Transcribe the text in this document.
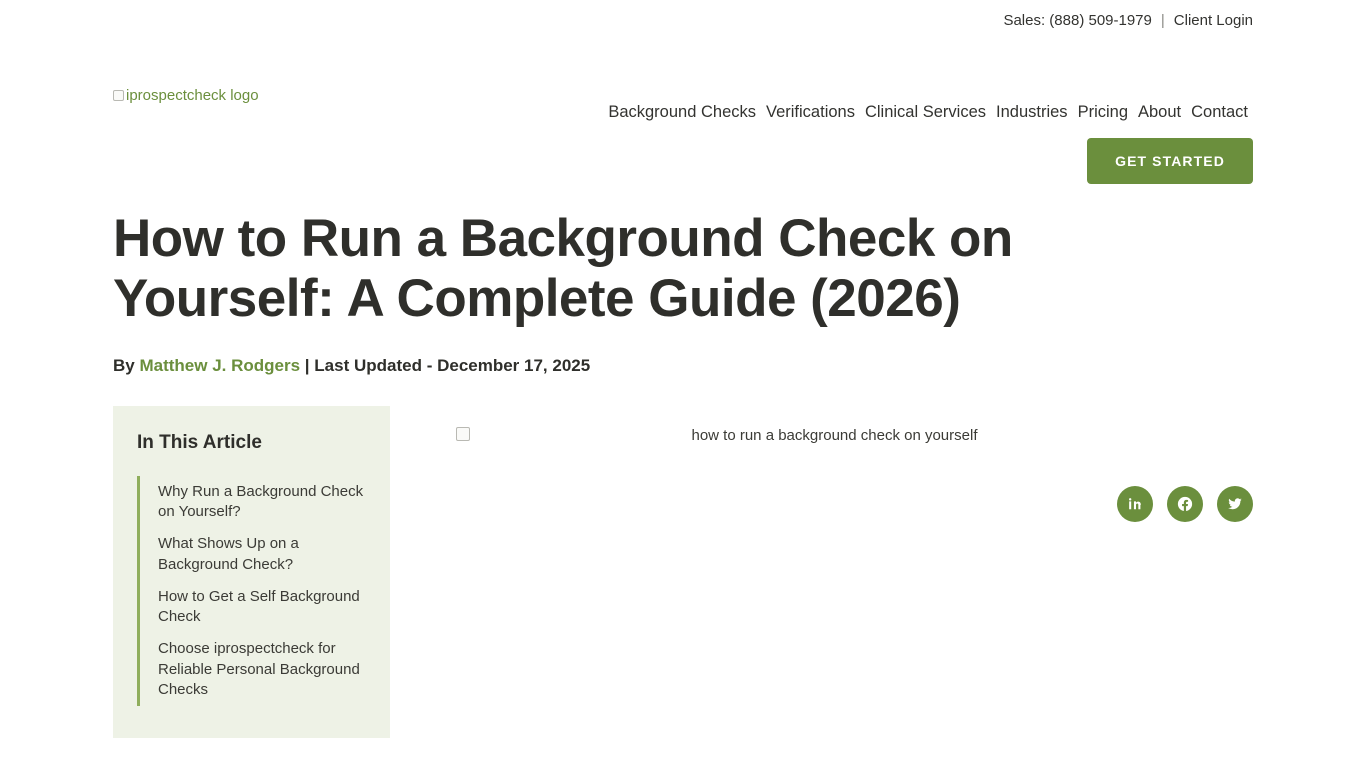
Sales: (888) 509-1979 | Client Login
iprospectcheck logo
Background Checks Verifications Clinical Services Industries Pricing About Contact
GET STARTED
How to Run a Background Check on Yourself: A Complete Guide (2026)
By Matthew J. Rodgers | Last Updated - December 17, 2025
In This Article
Why Run a Background Check on Yourself?
What Shows Up on a Background Check?
How to Get a Self Background Check
Choose iprospectcheck for Reliable Personal Background Checks
how to run a background check on yourself
